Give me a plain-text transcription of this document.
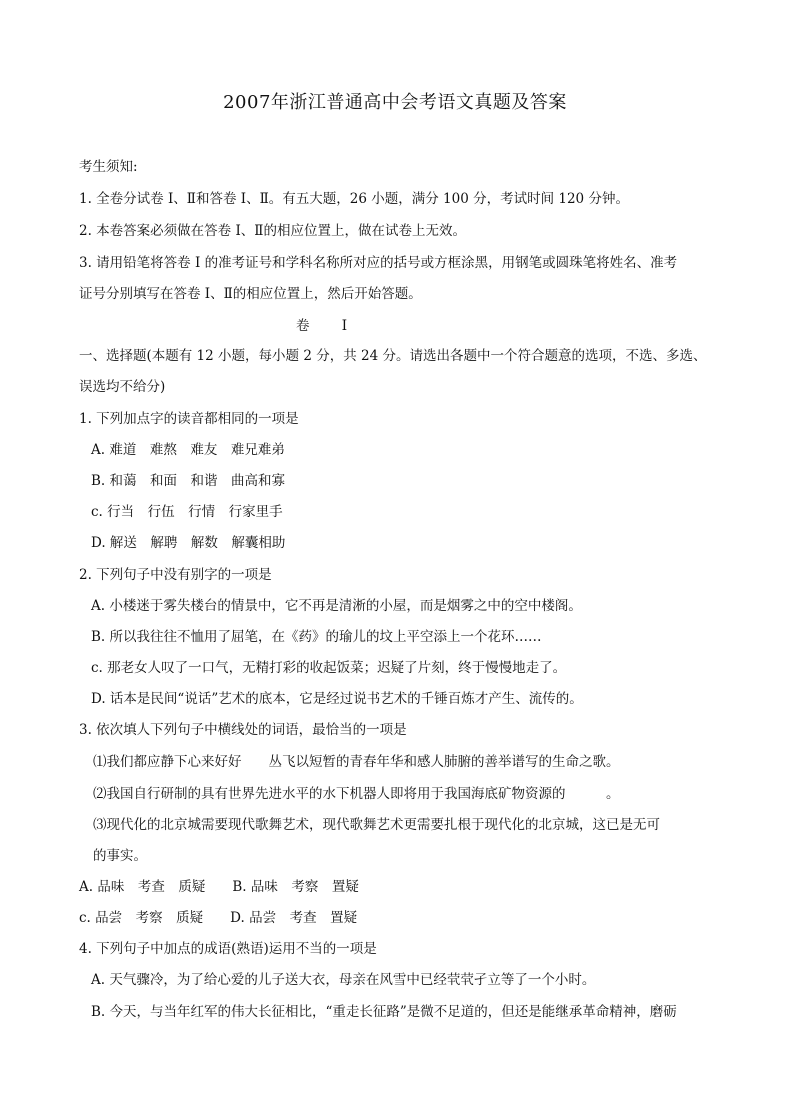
2007年浙江普通高中会考语文真题及答案
考生须知:
1. 全卷分试卷 I、Ⅱ和答卷 I、Ⅱ。有五大题，26 小题，满分 100 分，考试时间 120 分钟。
2. 本卷答案必须做在答卷 I、Ⅱ的相应位置上，做在试卷上无效。
3. 请用铅笔将答卷 I 的准考证号和学科名称所对应的括号或方框涂黑，用钢笔或圆珠笔将姓名、准考
证号分别填写在答卷 I、Ⅱ的相应位置上，然后开始答题。
卷 I
一、选择题(本题有 12 小题，每小题 2 分，共 24 分。请选出各题中一个符合题意的选项，不选、多选、
误选均不给分)
1. 下列加点字的读音都相同的一项是
A. 难道　难熬　难友　难兄难弟
B. 和蔼　和面　和谐　曲高和寡
c. 行当　行伍　行情　行家里手
D. 解送　解聘　解数　解囊相助
2. 下列句子中没有别字的一项是
A. 小楼迷于雾失楼台的情景中，它不再是清淅的小屋，而是烟雾之中的空中楼阁。
B. 所以我往往不恤用了屈笔，在《药》的瑜儿的坟上平空添上一个花环……
c. 那老女人叹了一口气，无精打彩的收起饭菜；迟疑了片刻，终于慢慢地走了。
D. 话本是民间“说话”艺术的底本，它是经过说书艺术的千锤百炼才产生、流传的。
3. 依次填人下列句子中横线处的词语，最恰当的一项是
⑴我们都应静下心来好好　　丛飞以短暂的青春年华和感人肺腑的善举谱写的生命之歌。
⑵我国自行研制的具有世界先进水平的水下机器人即将用于我国海底矿物资源的　　　。
⑶现代化的北京城需要现代歌舞艺术，现代歌舞艺术更需要扎根于现代化的北京城，这已是无可
的事实。
A. 品味　考查　质疑　　B. 品味　考察　置疑
c. 品尝　考察　质疑　　D. 品尝　考查　置疑
4. 下列句子中加点的成语(熟语)运用不当的一项是
A. 天气骤冷，为了给心爱的儿子送大衣，母亲在风雪中已经茕茕孑立等了一个小时。
B. 今天，与当年红军的伟大长征相比，“重走长征路”是微不足道的，但还是能继承革命精神，磨砺
